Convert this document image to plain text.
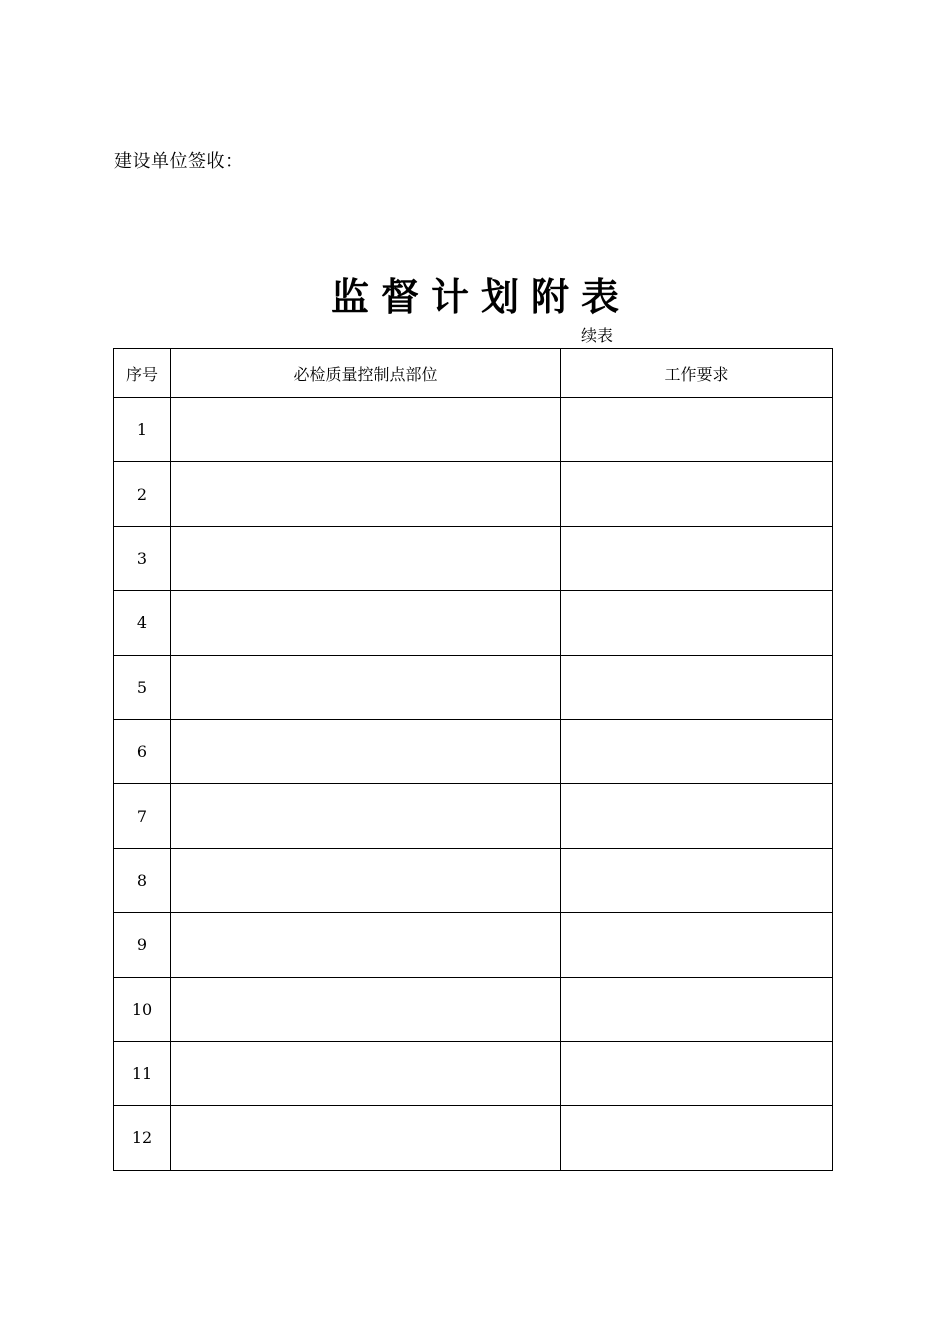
建设单位签收：
监督计划附表
续表
序号	必检质量控制点部位	工作要求
1		
2		
3		
4		
5		
6		
7		
8		
9		
10		
11		
12		
